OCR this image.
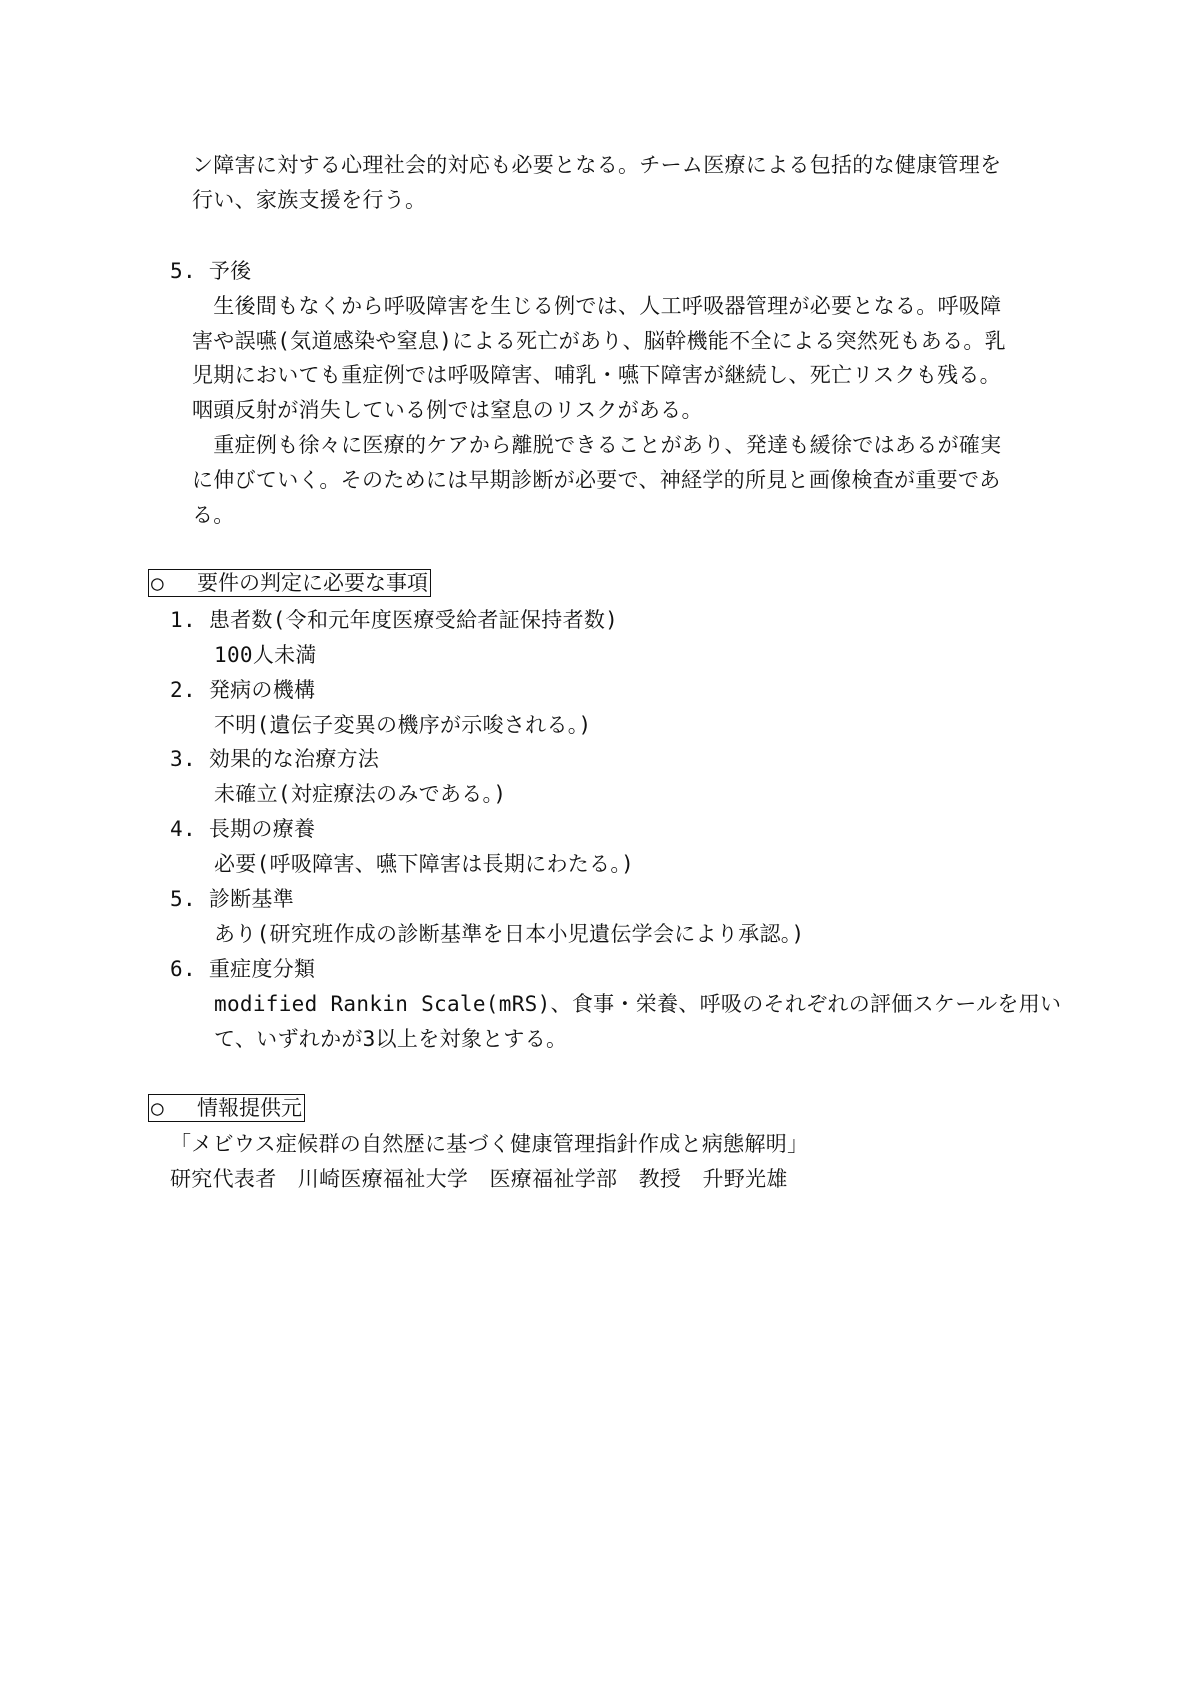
ン障害に対する心理社会的対応も必要となる。チーム医療による包括的な健康管理を
行い、家族支援を行う。
5. 予後
　生後間もなくから呼吸障害を生じる例では、人工呼吸器管理が必要となる。呼吸障
害や誤嚥(気道感染や窒息)による死亡があり、脳幹機能不全による突然死もある。乳
児期においても重症例では呼吸障害、哺乳・嚥下障害が継続し、死亡リスクも残る。
咽頭反射が消失している例では窒息のリスクがある。
　重症例も徐々に医療的ケアから離脱できることがあり、発達も緩徐ではあるが確実
に伸びていく。そのためには早期診断が必要で、神経学的所見と画像検査が重要であ
る。
○ 要件の判定に必要な事項
1. 患者数(令和元年度医療受給者証保持者数)
100人未満
2. 発病の機構
不明(遺伝子変異の機序が示唆される。)
3. 効果的な治療方法
未確立(対症療法のみである。)
4. 長期の療養
必要(呼吸障害、嚥下障害は長期にわたる。)
5. 診断基準
あり(研究班作成の診断基準を日本小児遺伝学会により承認。)
6. 重症度分類
modified Rankin Scale(mRS)、食事・栄養、呼吸のそれぞれの評価スケールを用い
て、いずれかが3以上を対象とする。
○ 情報提供元
「メビウス症候群の自然歴に基づく健康管理指針作成と病態解明」
研究代表者　川崎医療福祉大学　医療福祉学部　教授　升野光雄
